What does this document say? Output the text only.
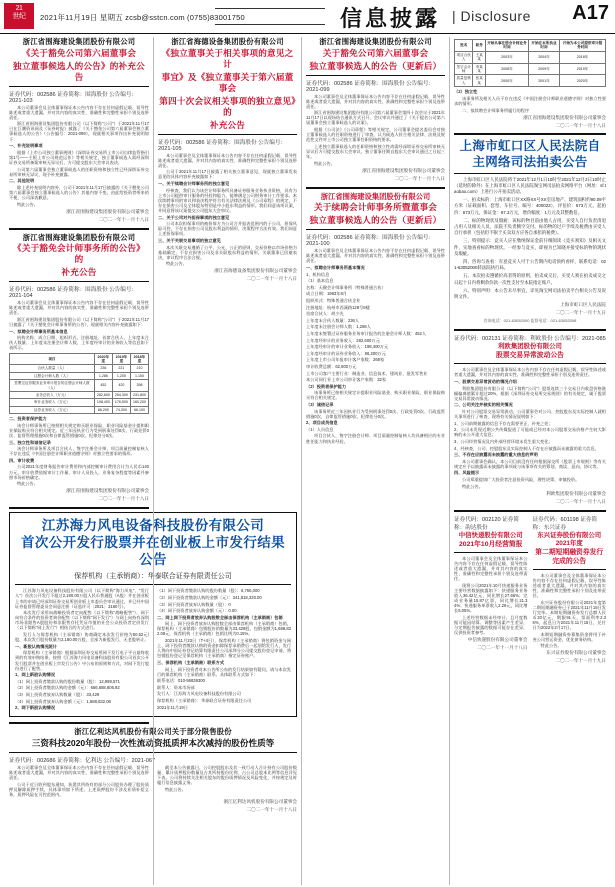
21
世纪	2021年11月19日 星期五 zcsb@sstcn.com (0755)83001750	信息披露 | Disclosure A17
浙江省围海建设集团股份有限公司
《关于豁免公司第六届董事会
独立董事候选人的公告》的补充公告
证券代码：002586 证券简称：围海股份 公告编号：2021-103

本公司董事会及全体董事保证本公告内容不存在任何虚假记载、误导性陈述或者重大遗漏，并对其内容的真实性、准确性和完整性承担个别及连带责任。

浙江省围海建设集团股份有限公司（以下简称"公司"）于2021年11月17日在巨潮资讯网及《证券时报》披露了《关于豁免公司第六届董事会独立董事候选人的公告》（公告编号：2021-099），现就相关事项作出补充说明如下：

一、补充说明事项

根据《上市公司独立董事规则》《深圳证券交易所上市公司自律监管指引第1号——主板上市公司规范运作》等相关规定，独立董事候选人需经深圳证券交易所备案审核无异议后，方可提交股东大会审议表决。

公司第六届董事会独立董事候选人的任职资格和独立性已经深圳证券交易所审核无异议，现予补充披露。

二、其他说明

除上述补充说明内容外，公司于2021年11月17日披露的《关于豁免公司第六届董事会独立董事候选人的公告》其他内容不变。由此给投资者带来的不便，公司深表歉意。

特此公告。

浙江省围海建设集团股份有限公司董事会
二〇二一年十一月十八日
浙江省围海建设集团股份有限公司
《关于豁免会计师事务所的公告》的
补充公告
证券代码：002586 证券简称：围海股份 公告编号：2021-104

本公司董事会及全体董事保证本公告内容不存在任何虚假记载、误导性陈述或者重大遗漏，并对其内容的真实性、准确性和完整性承担个别及连带责任。

浙江省围海建设集团股份有限公司（以下简称"公司"）于2021年11月17日披露了《关于豁免会计师事务所的公告》，现就相关内容补充披露如下：

一、拟聘会计师事务所基本信息

机构名称、成立日期、组织形式、注册地址、首席合伙人、上年度末合伙人数量、上年度末注册会计师人数、上年度经审计的业务收入等信息如下表所示。

项目	2020年度	2019年度	2018年度
合伙人数量（人）	236	221	210
注册会计师人数（人）	1,286	1,205	1,150
签署过证券服务业务审计报告的注册会计师人数（人）	452	420	398
业务总收入（万元）	282,600	254,300	231,800
审计业务收入（万元）	198,400	176,500	160,200
证券业务收入（万元）	86,200	74,300	66,100

二、投资者保护能力

该会计师事务所已按照相关规定购买职业保险，职业风险基金计提和职业保险购买符合相关规定。近三年因执业行为受到刑事处罚0次、行政处罚0次、监督管理措施0次和自律监管措施0次、纪律处分0次。

三、独立性和诚信记录

该会计师事务所及项目合伙人、签字注册会计师、项目质量控制复核人不存在违反《中国注册会计师职业道德守则》对独立性要求的情形。

四、审计收费

公司2021年度财务报告审计费用和内部控制审计费用合计为人民币140万元，审计收费依据审计工作量、审计人员投入、业务复杂程度等因素并参照市场价格确定。

特此公告。

浙江省围海建设集团股份有限公司董事会
二〇二一年十一月十八日
江苏海力风电设备科技股份有限公司
首次公开发行股票并在创业板上市发行结果公告
保荐机构（主承销商）：华泰联合证券有限责任公司

江苏海力风电设备科技股份有限公司（以下简称"海力风电"、"发行人"）首次公开发行不超过2,180.00万股人民币普通股（A股）并在创业板上市的申请已经深圳证券交易所创业板上市委员会审议通过，并已经中国证券监督管理委员会同意注册（证监许可〔2021〕3160号）。

本次发行采用向战略投资者定向配售（以下简称"战略配售"）、网下向符合条件的投资者询价配售（以下简称"网下发行"）与网上向持有深圳市场非限售A股股份和非限售存托凭证市值的社会公众投资者定价发行（以下简称"网上发行"）相结合的方式进行。

发行人与保荐机构（主承销商）协商确定本次发行价格为50.52元/股，本次发行股份数量为2,180.00万股，全部为新股发行，无老股转让。

一、新股认购情况统计

保荐机构（主承销商）根据深圳证券交易所网下发行电子平台最终收到的有效申购结果，按照《江苏海力风电设备科技股份有限公司首次公开发行股票并在创业板上市发行公告》中公布的原则和方式，对网下发行股份进行了配售。

1、网上新股认购情况

（1）网上投资者缴款认购的股份数量（股）：12,998,571

（2）网上投资者缴款认购的金额（元）：656,688,806.92

（3）网上投资者放弃认购数量（股）：33,429

（4）网上投资者放弃认购金额（元）：1,688,832.08

2、网下新股认购情况

（1）网下投资者缴款认购的股份数量（股）：6,766,000

（2）网下投资者缴款认购的金额（元）：341,818,320.00

（3）网下投资者放弃认购数量（股）：0

（4）网下投资者放弃认购金额（元）：0.00

二、网上网下投资者放弃认购股数全部由保荐机构（主承销商）包销

网上、网下投资者放弃认购股数全部由保荐机构（主承销商）包销，保荐机构（主承销商）包销股份的数量为33,429股，包销金额为1,688,832.08元，保荐机构（主承销商）包销比例为0.15%。

2021年11月23日（T+4日），保荐机构（主承销商）将包销资金与网上、网下投资者缴款认购的资金扣除保荐承销费后一起划给发行人，发行人将向中国证券登记结算有限责任公司深圳分公司提交股份登记申请，将包销股份登记至保荐机构（主承销商）指定证券账户。

三、保荐机构（主承销商）联系方式

网上、网下投资者对本公告所公布的发行结果如有疑问，请与本次发行的保荐机构（主承销商）联系。具体联系方式如下：

联系电话：010-56839300

联系人：资本市场部

发行人：江苏海力风电设备科技股份有限公司

保荐机构（主承销商）：华泰联合证券有限责任公司

2021年11月19日

浙江亿利达风机股份有限公司关于部分限售股份
三资科技2020年股份一次性流动资抵质押本次减持的股份性质等
证券代码：002686 证券简称：亿利达 公告编号：2021-067

本公司董事会及全体董事保证本公告内容不存在任何虚假记载、误导性陈述或者重大遗漏，并对其内容的真实性、准确性和完整性承担个别及连带责任。

公司于近日收到股东通知，获悉其所持有的部分公司股份办理了股份质押及解除质押手续，具体事项如下所述。上述质押股份不涉及业绩补偿义务，质押风险在可控范围内。

截至本公告披露日，公司控股股东及其一致行动人合计持有公司股份数量、累计质押股份数量及占其所持股份比例、占公司总股本比例等信息详见下表。公司将持续关注相关股东的股份质押情况及风险变化，并按规定及时履行信息披露义务。

特此公告。

浙江亿利达风机股份有限公司董事会
二〇二一年十一月十八日
浙江省海德设备集团股份有限公司
《独立董事关于相关事项的意见之计
事宜》及《独立董事关于第六届董事会
第四十次会议相关事项的独立意见》的
补充公告
证券代码：002586 证券简称：围海股份 公告编号：2021-105

本公司董事会及全体董事保证本公告内容不存在任何虚假记载、误导性陈述或者重大遗漏，并对其内容的真实性、准确性和完整性承担个别及连带责任。

公司于2021年11月17日披露了相关独立董事意见，现就独立董事发表意见的具体内容补充披露如下：

一、关于续聘会计师事务所的独立意见

经核查，我们认为该会计师事务所具备证券服务业务执业资格，具有为上市公司提供审计服务的经验和能力，能够满足公司财务审计工作要求。本次续聘事项的审议和表决程序符合有关法律法规及《公司章程》的规定，不存在损害公司及全体股东特别是中小股东利益的情形。我们同意该项议案，并同意将该议案提交公司股东大会审议。

二、关于公司对外担保事项的独立意见

公司本次担保事项的被担保方为公司合并报表范围内的子公司，担保风险可控，不存在损害公司及股东利益的情形，决策程序合法有效。我们同意上述担保事项。

三、关于关联交易事项的独立意见

本次关联交易遵循了公平、公允、公正的原则，交易价格以市场价格为基础确定，不存在损害公司及非关联股东利益的情形，关联董事已回避表决，审议程序合法合规。

特此公告。

浙江省海德设备集团股份有限公司董事会
二〇二一年十一月十八日
浙江省围海建设集团股份有限公司
关于豁免公司第六届董事会
独立董事候选人的公告（更新后）
证券代码：002586 证券简称：围海股份 公告编号：2021-099

本公司董事会及全体董事保证本公告内容不存在任何虚假记载、误导性陈述或者重大遗漏，并对其内容的真实性、准确性和完整性承担个别及连带责任。

浙江省围海建设集团股份有限公司第六届董事会第四十次会议于2021年11月17日以现场结合通讯方式召开，会议审议并通过了《关于提名公司第六届董事会独立董事候选人的议案》。

根据《公司法》《公司章程》等相关规定，公司董事会提名委员会对独立董事候选人的任职资格进行了审查，认为候选人符合相关法律、法规及规范性文件对上市公司独立董事任职资格的要求。

上述独立董事候选人的任职资格和独立性尚需经深圳证券交易所审核无异议后方可提交股东大会审议。独立董事任期自股东大会审议通过之日起三年。

特此公告。

浙江省围海建设集团股份有限公司董事会
二〇二一年十一月十八日
浙江省围海建设集团股份有限公司
关于续聘会计师事务所暨董事会
独立董事候选人的公告（更新后）
证券代码：002586 证券简称：围海股份 公告编号：2021-100

本公司董事会及全体董事保证本公告内容不存在任何虚假记载、误导性陈述或者重大遗漏，并对其内容的真实性、准确性和完整性承担个别及连带责任。

一、拟聘会计师事务所基本情况

1、机构信息

（1）基本信息

名称：天健会计师事务所（特殊普通合伙）

成立日期：1983年8月

组织形式：特殊普通合伙企业

注册地址：杭州市西溪路128号9楼

首席合伙人：胡少先

上年度末合伙人数量：236人

上年度末注册会计师人数：1,286人

上年度末签署过证券服务业务审计报告的注册会计师人数：452人

上年度经审计的业务收入：282,600万元

上年度经审计的审计业务收入：198,400万元

上年度经审计的证券业务收入：86,200万元

上年度上市公司年报审计客户家数：268家

审计收费总额：62,800万元

上市公司客户主要行业：制造业、信息技术、建筑业、批发零售业

本公司同行业上市公司审计客户家数：32家

（2）投资者保护能力

该事务所已按相关规定计提职业风险基金、购买职业保险，职业保险购买符合相关规定。

（3）诚信记录

该事务所近三年因执业行为受到刑事处罚0次、行政处罚0次、行政监管措施0次、自律监管措施0次、纪律处分0次。

2、项目成员信息

（1）人员信息

项目合伙人、签字注册会计师、项目质量控制复核人均具备相应的专业胜任能力和执业经验。

姓名	职务	开始从事注册会计师业务时间	开始在本所执业时间	开始为本公司提供审计服务时间
项目合伙人	王某某	2003年	2004年	2018年
签字会计师	李某某	2008年	2009年	2019年
质量复核人	张某某	2000年	2001年	2020年

（2）独立性

该事务所及相关人员不存在违反《中国注册会计师职业道德守则》对独立性要求的情形。

二、拟续聘会计师事务所履行的程序

浙江省围海建设集团股份有限公司董事会
二〇二一年十一月十八日
上海市虹口区人民法院自主网络司法拍卖公告

上海市虹口区人民法院将于2021年12月1日10时至2021年12月2日10时止（延时的除外）在上海市虹口区人民法院淘宝网司法拍卖网络平台（网址：sf.taobao.com）上进行公开拍卖活动。

一、拍卖标的：上海市虹口区XX路XX号XX室房地产，建筑面积约90.09平方米（证载面积、套型、车位号、编号：400023），评估价：673万元，起拍价：673万元，保证金：67.3万元，增价幅度：1万元及其整数倍。

二、标的物现状及瑕疵：该标的物目前由他人占用，买受人自行负责清退占用人及相关人员，法院不负责腾空交付。标的物的过户手续及税费由买受人自行承担（包括但不限于买卖双方应各自承担的税费）。

三、特别提示：竞买人应在缴纳保证金前仔细阅读《竞买须知》及相关文件，实地查看标的物现状。一经参与竞买，即视为已知晓并接受标的物的现状及瑕疵。

四、咨询与查看：有意竞买人可于公告期内电话预约看样，联系电话：021-63052000转法院执行局。

五、本次拍卖遵循价高者得的原则，拍卖成交后，买受人须在拍卖成交之日起十日内将剩余价款一次性支付至本院指定账户。

六、特别声明：本公告未尽事宜，详见淘宝网司法拍卖平台相关公告及说明文件。

上海市虹口区人民法院
二〇二一年十一月十九日
咨询电话：021-63052000 监督电话：021-63052008
证券代码：002131 证券简称：利欧股份 公告编号：2021-085
利欧集团股份有限公司
股票交易异常波动公告

本公司董事会及全体董事保证本公告内容不存在任何虚假记载、误导性陈述或者重大遗漏，并对其内容的真实性、准确性和完整性承担个别及连带责任。

一、股票交易异常波动的情况介绍

利欧集团股份有限公司（以下简称"公司"）股票连续三个交易日内收盘价格涨幅偏离值累计超过20%，根据《深圳证券交易所交易规则》的有关规定，属于股票交易异常波动情况。

二、公司关注并核实的相关情况

针对公司股票交易异常波动，公司董事会对公司、控股股东及实际控制人就相关事项进行了核查，现将有关情况说明如下：

1、公司前期披露的信息不存在需要更正、补充之处；

2、公司未发现近期公共传媒报道了可能或已经对本公司股票交易价格产生较大影响的未公开重大信息；

3、公司经营情况及内外部经营环境未发生重大变化；

4、经核查，公司、控股股东及实际控制人不存在应披露而未披露的重大信息。

三、不存在应披露而未披露的重大信息的声明

本公司董事会确认，本公司目前没有任何根据深交所《股票上市规则》等有关规定应予以披露而未披露的事项或与该事项有关的筹划、商谈、意向、协议等。

四、风险提示

公司郑重提请广大投资者注意投资风险，理性决策、审慎投资。

特此公告。

利欧集团股份有限公司董事会
二〇二一年十一月十八日
证券代码：002120 证券简称：韵达股份
中信快递股份有限公司
2021年10月经营简报

本公司董事会及全体董事保证本公告内容不存在任何虚假记载、误导性陈述或者重大遗漏，并对其内容的真实性、准确性和完整性承担个别及连带责任。

现将公司2021年10月快递服务业务主要经营数据披露如下：快递服务业务收入36.42亿元，同比增长27.66%；完成业务量15.87亿票，同比增长21.34%；快递服务单票收入2.29元，同比增长5.05%。

上述经营数据未经审计，且月度数据可能因结算、调整等因素产生差异，与定期报告披露的数据可能存在差异，仅供投资者参考。

中信快递股份有限公司董事会
二〇二一年十一月十八日
证券代码：601198 证券简称：东兴证券
东兴证券股份有限公司2021年度
第二期短期融资券发行完成的公告

本公司董事会及全体董事保证本公告内容不存在任何虚假记载、误导性陈述或者重大遗漏，并对其内容的真实性、准确性和完整性承担个别及连带责任。

东兴证券股份有限公司2021年度第二期短期融资券已于2021年11月18日发行完毕。本期短期融资券发行总额人民币20亿元，期限91天，票面利率2.35%，起息日为2021年11月18日，兑付日为2022年2月17日。

本期短期融资券募集资金将用于补充公司营运资金，优化债务结构。

特此公告。

东兴证券股份有限公司董事会
二〇二一年十一月十九日
